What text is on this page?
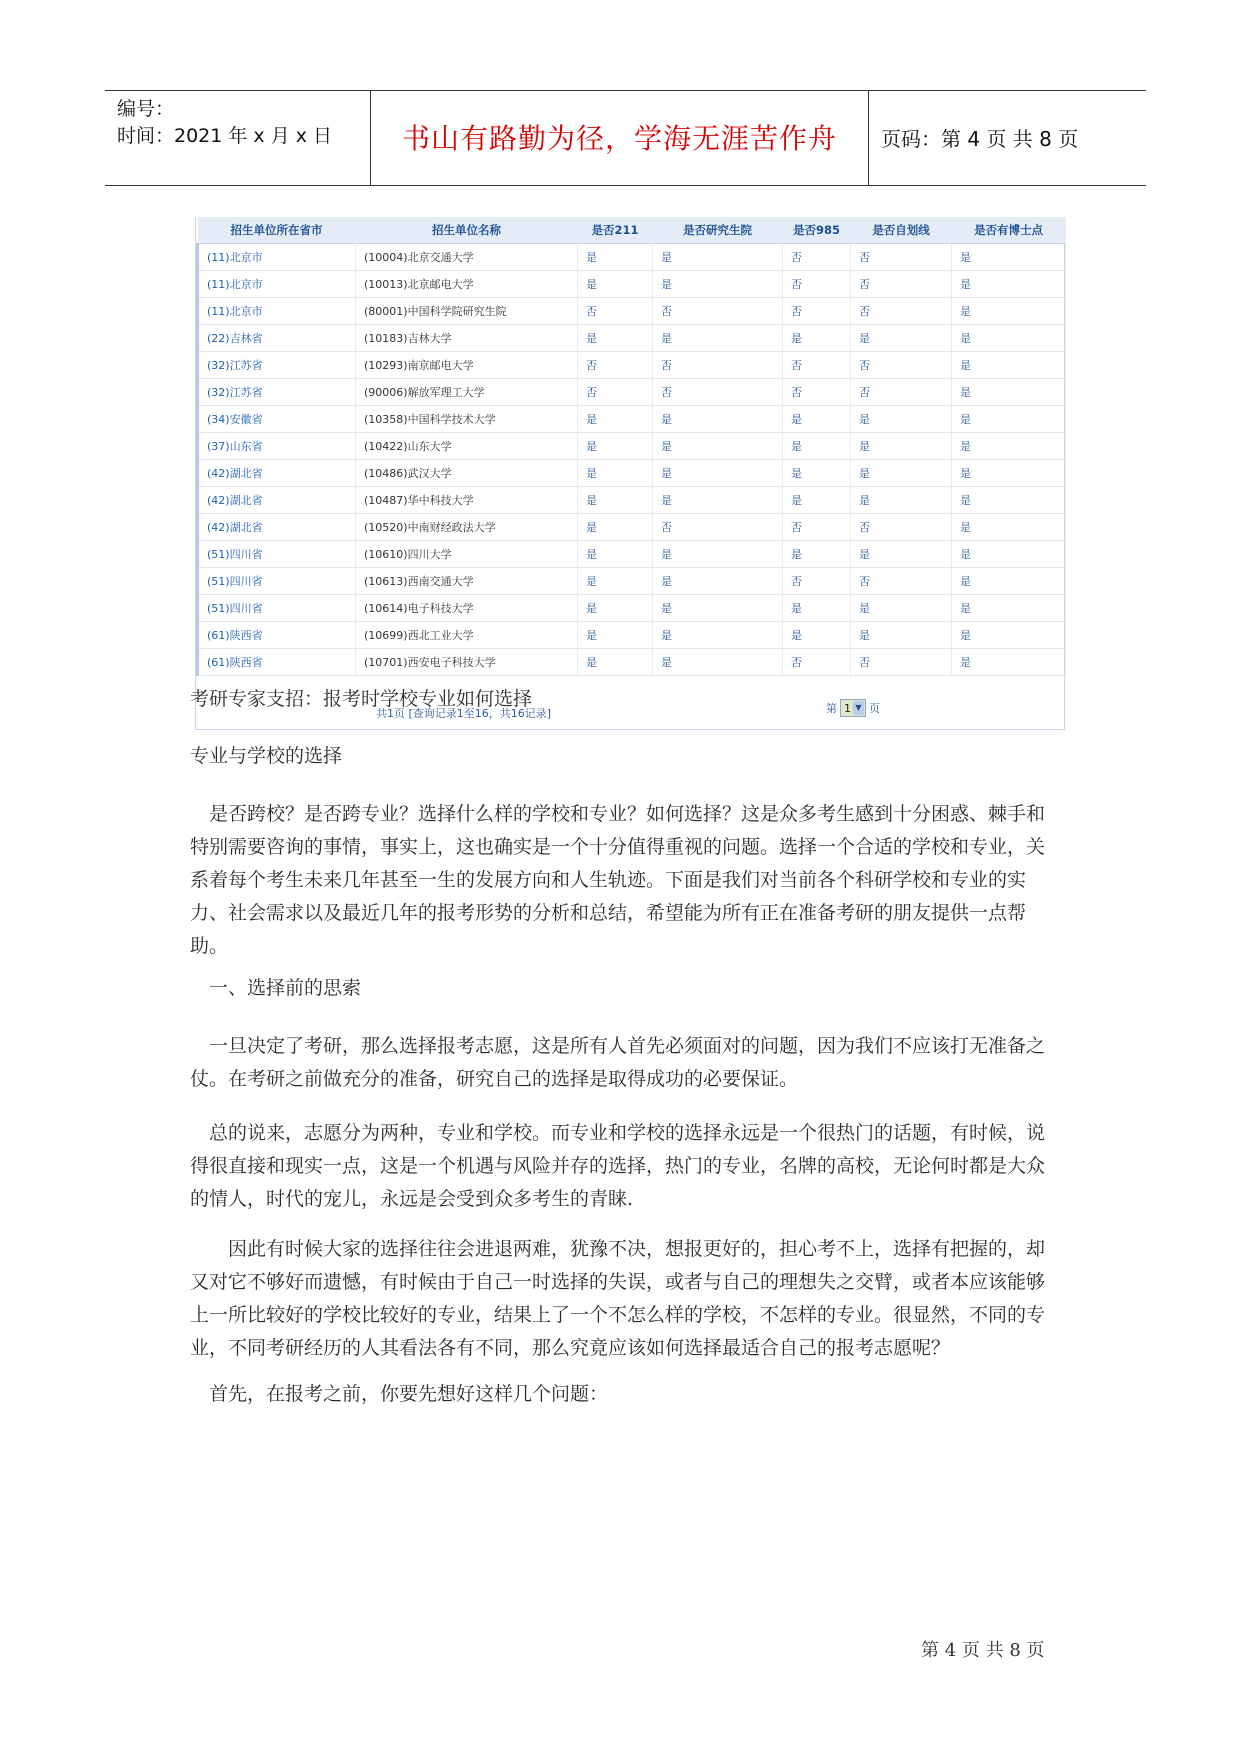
编号：
时间：2021 年 x 月 x 日	书山有路勤为径，学海无涯苦作舟	页码：第 4 页 共 8 页
招生单位所在省市	招生单位名称	是否211	是否研究生院	是否985	是否自划线	是否有博士点
(11)北京市	(10004)北京交通大学	是	是	否	否	是
(11)北京市	(10013)北京邮电大学	是	是	否	否	是
(11)北京市	(80001)中国科学院研究生院	否	否	否	否	是
(22)吉林省	(10183)吉林大学	是	是	是	是	是
(32)江苏省	(10293)南京邮电大学	否	否	否	否	是
(32)江苏省	(90006)解放军理工大学	否	否	否	否	是
(34)安徽省	(10358)中国科学技术大学	是	是	是	是	是
(37)山东省	(10422)山东大学	是	是	是	是	是
(42)湖北省	(10486)武汉大学	是	是	是	是	是
(42)湖北省	(10487)华中科技大学	是	是	是	是	是
(42)湖北省	(10520)中南财经政法大学	是	否	否	否	是
(51)四川省	(10610)四川大学	是	是	是	是	是
(51)四川省	(10613)西南交通大学	是	是	否	否	是
(51)四川省	(10614)电子科技大学	是	是	是	是	是
(61)陕西省	(10699)西北工业大学	是	是	是	是	是
(61)陕西省	(10701)西安电子科技大学	是	是	否	否	是
共1页 [查询记录1至16，共16记录]	第 1 ▼ 页

考研专家支招：报考时学校专业如何选择

专业与学校的选择

是否跨校？是否跨专业？选择什么样的学校和专业？如何选择？这是众多考生感到十分困惑、棘手和特别需要咨询的事情，事实上，这也确实是一个十分值得重视的问题。选择一个合适的学校和专业，关系着每个考生未来几年甚至一生的发展方向和人生轨迹。下面是我们对当前各个科研学校和专业的实力、社会需求以及最近几年的报考形势的分析和总结，希望能为所有正在准备考研的朋友提供一点帮助。

一、选择前的思索

一旦决定了考研，那么选择报考志愿，这是所有人首先必须面对的问题，因为我们不应该打无准备之仗。在考研之前做充分的准备，研究自己的选择是取得成功的必要保证。

总的说来，志愿分为两种，专业和学校。而专业和学校的选择永远是一个很热门的话题，有时候，说得很直接和现实一点，这是一个机遇与风险并存的选择，热门的专业，名牌的高校，无论何时都是大众的情人，时代的宠儿，永远是会受到众多考生的青睐.

因此有时候大家的选择往往会进退两难，犹豫不决，想报更好的，担心考不上，选择有把握的，却又对它不够好而遗憾，有时候由于自己一时选择的失误，或者与自己的理想失之交臂，或者本应该能够上一所比较好的学校比较好的专业，结果上了一个不怎么样的学校，不怎样的专业。很显然，不同的专业，不同考研经历的人其看法各有不同，那么究竟应该如何选择最适合自己的报考志愿呢？

首先，在报考之前，你要先想好这样几个问题：

第 4 页 共 8 页
